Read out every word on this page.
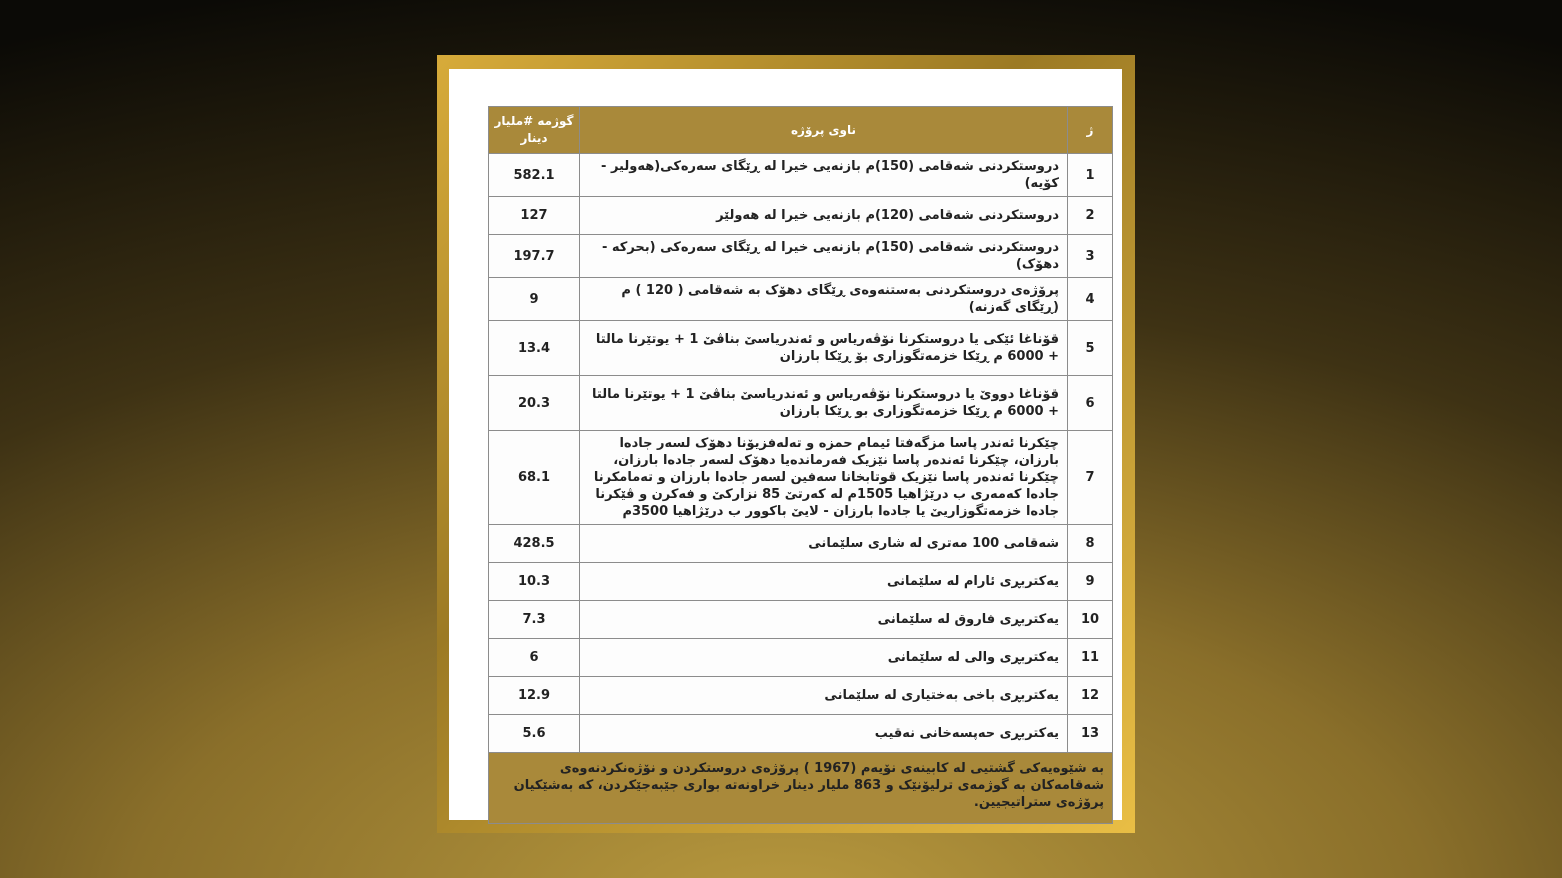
ژ	ناوی پرۆژە	گوژمە #ملیار دینار
1	دروستکردنی شەقامی (150)م بازنەیی خیرا له ڕێگای سەرەکی(هەولیر - کۆیە)	582.1
2	دروستکردنی شەقامی (120)م بازنەیی خیرا له هەولێر	127
3	دروستکردنی شەقامی (150)م بازنەیی خیرا له ڕێگای سەرەکی (بحرکه - دهۆک)	197.7
4	پرۆژەی دروستکردنی بەستنەوەی ڕێگای دهۆک به شەقامی ( 120 ) م (ڕێگای گەزنە)	9
5	قۆناغا ئێکی یا دروستکرنا نۆڤەریاس و ئەندریاسێ بناڤێ 1 + یوتێرنا مالتا + 6000 م ڕێکا خزمەتگوزاری بۆ ڕێکا بارزان	13.4
6	قۆناغا دووێ یا دروستکرنا نۆڤەریاس و ئەندریاسێ بناڤێ 1 + یوتێرنا مالتا + 6000 م ڕێکا خزمەتگوزاری بو ڕێکا بارزان	20.3
7	چێکرنا ئەندر پاسا مزگەفتا ئیمام حمزه و تەلەفزیۆنا دهۆک لسەر جادەا بارزان، چێکرنا ئەندەر پاسا نێزیک فەرماندەیا دهۆک لسەر جادەا بارزان، چێکرنا ئەندەر پاسا نێزیک قوتابخانا سەفین لسەر جادەا بارزان و تەمامکرنا جادەا کەمەری ب درێژاهیا 1505م له کەرتێ 85 نزارکێ و فەکرن و ڤێکرنا جادەا خزمەتگوزاریێ یا جادەا بارزان - لایێ باکوور ب درێژاهیا 3500م	68.1
8	شەقامی 100 مەتری له شاری سلێمانی	428.5
9	یەکتربڕی ئارام له سلێمانی	10.3
10	یەکتربڕی فاروق له سلێمانی	7.3
11	یەکتربڕی والی له سلێمانی	6
12	یەکتربڕی باخی بەختیاری له سلێمانی	12.9
13	یەکتربڕی حەپسەخانی نەقیب	5.6
به شێوەیەکی گشتیی له کابینەی نۆیەم (1967 ) پرۆژەی دروستکردن و نۆژەنکردنەوەی شەقامەکان به گوژمەی ترلیۆنێک و 863 ملیار دینار خراونەته بواری جێبەجێکردن، که بەشێکیان پرۆژەی ستراتیجیین.		
